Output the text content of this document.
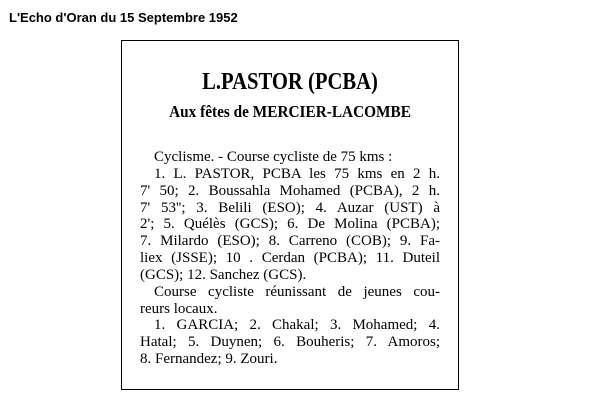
L'Echo d'Oran du 15 Septembre 1952
L.PASTOR (PCBA)
Aux fêtes de MERCIER-LACOMBE
Cyclisme. - Course cycliste de 75 kms :
1. L. PASTOR, PCBA les 75 kms en 2 h.
7' 50; 2. Boussahla Mohamed (PCBA), 2 h.
7' 53''; 3. Belili (ESO); 4. Auzar (UST) à
2'; 5. Quélès (GCS); 6. De Molina (PCBA);
7. Milardo (ESO); 8. Carreno (COB); 9. Fa-
liex (JSSE); 10 . Cerdan (PCBA); 11. Duteil
(GCS); 12. Sanchez (GCS).
Course cycliste réunissant de jeunes cou-
reurs locaux.
1. GARCIA; 2. Chakal; 3. Mohamed; 4.
Hatal; 5. Duynen; 6. Bouheris; 7. Amoros;
8. Fernandez; 9. Zouri.
